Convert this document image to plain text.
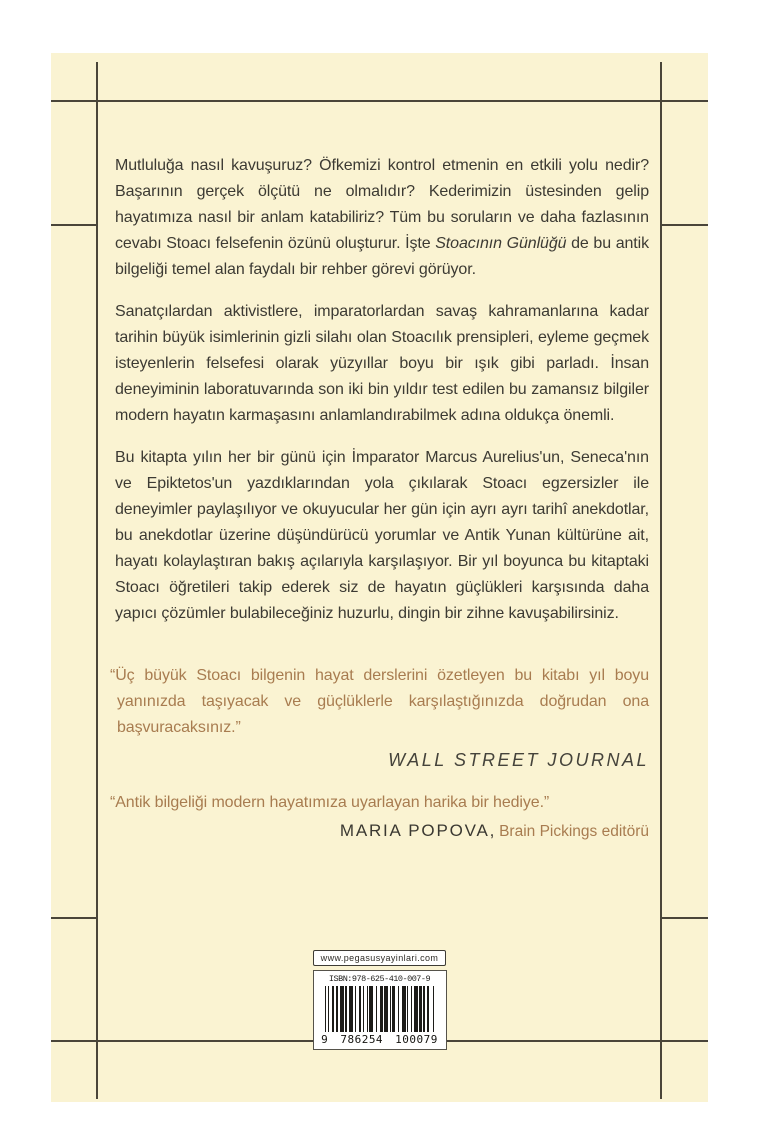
Mutluluğa nasıl kavuşuruz? Öfkemizi kontrol etmenin en etkili yolu nedir? Başarının gerçek ölçütü ne olmalıdır? Kederimizin üstesinden gelip hayatımıza nasıl bir anlam katabiliriz? Tüm bu soruların ve daha fazlasının cevabı Stoacı felsefenin özünü oluşturur. İşte Stoacının Günlüğü de bu antik bilgeliği temel alan faydalı bir rehber görevi görüyor.

Sanatçılardan aktivistlere, imparatorlardan savaş kahramanlarına kadar tarihin büyük isimlerinin gizli silahı olan Stoacılık prensipleri, eyleme geçmek isteyenlerin felsefesi olarak yüzyıllar boyu bir ışık gibi parladı. İnsan deneyiminin laboratuvarında son iki bin yıldır test edilen bu zamansız bilgiler modern hayatın karmaşasını anlamlandırabilmek adına oldukça önemli.

Bu kitapta yılın her bir günü için İmparator Marcus Aurelius'un, Seneca'nın ve Epiktetos'un yazdıklarından yola çıkılarak Stoacı egzersizler ile deneyimler paylaşılıyor ve okuyucular her gün için ayrı ayrı tarihî anekdotlar, bu anekdotlar üzerine düşündürücü yorumlar ve Antik Yunan kültürüne ait, hayatı kolaylaştıran bakış açılarıyla karşılaşıyor. Bir yıl boyunca bu kitaptaki Stoacı öğretileri takip ederek siz de hayatın güçlükleri karşısında daha yapıcı çözümler bulabileceğiniz huzurlu, dingin bir zihne kavuşabilirsiniz.

“Üç büyük Stoacı bilgenin hayat derslerini özetleyen bu kitabı yıl boyu yanınızda taşıyacak ve güçlüklerle karşılaştığınızda doğrudan ona başvuracaksınız.”

WALL STREET JOURNAL

“Antik bilgeliği modern hayatımıza uyarlayan harika bir hediye.”

MARIA POPOVA, Brain Pickings editörü
www.pegasusyayinlari.com
ISBN:978-625-410-007-9
9 786254 100079
